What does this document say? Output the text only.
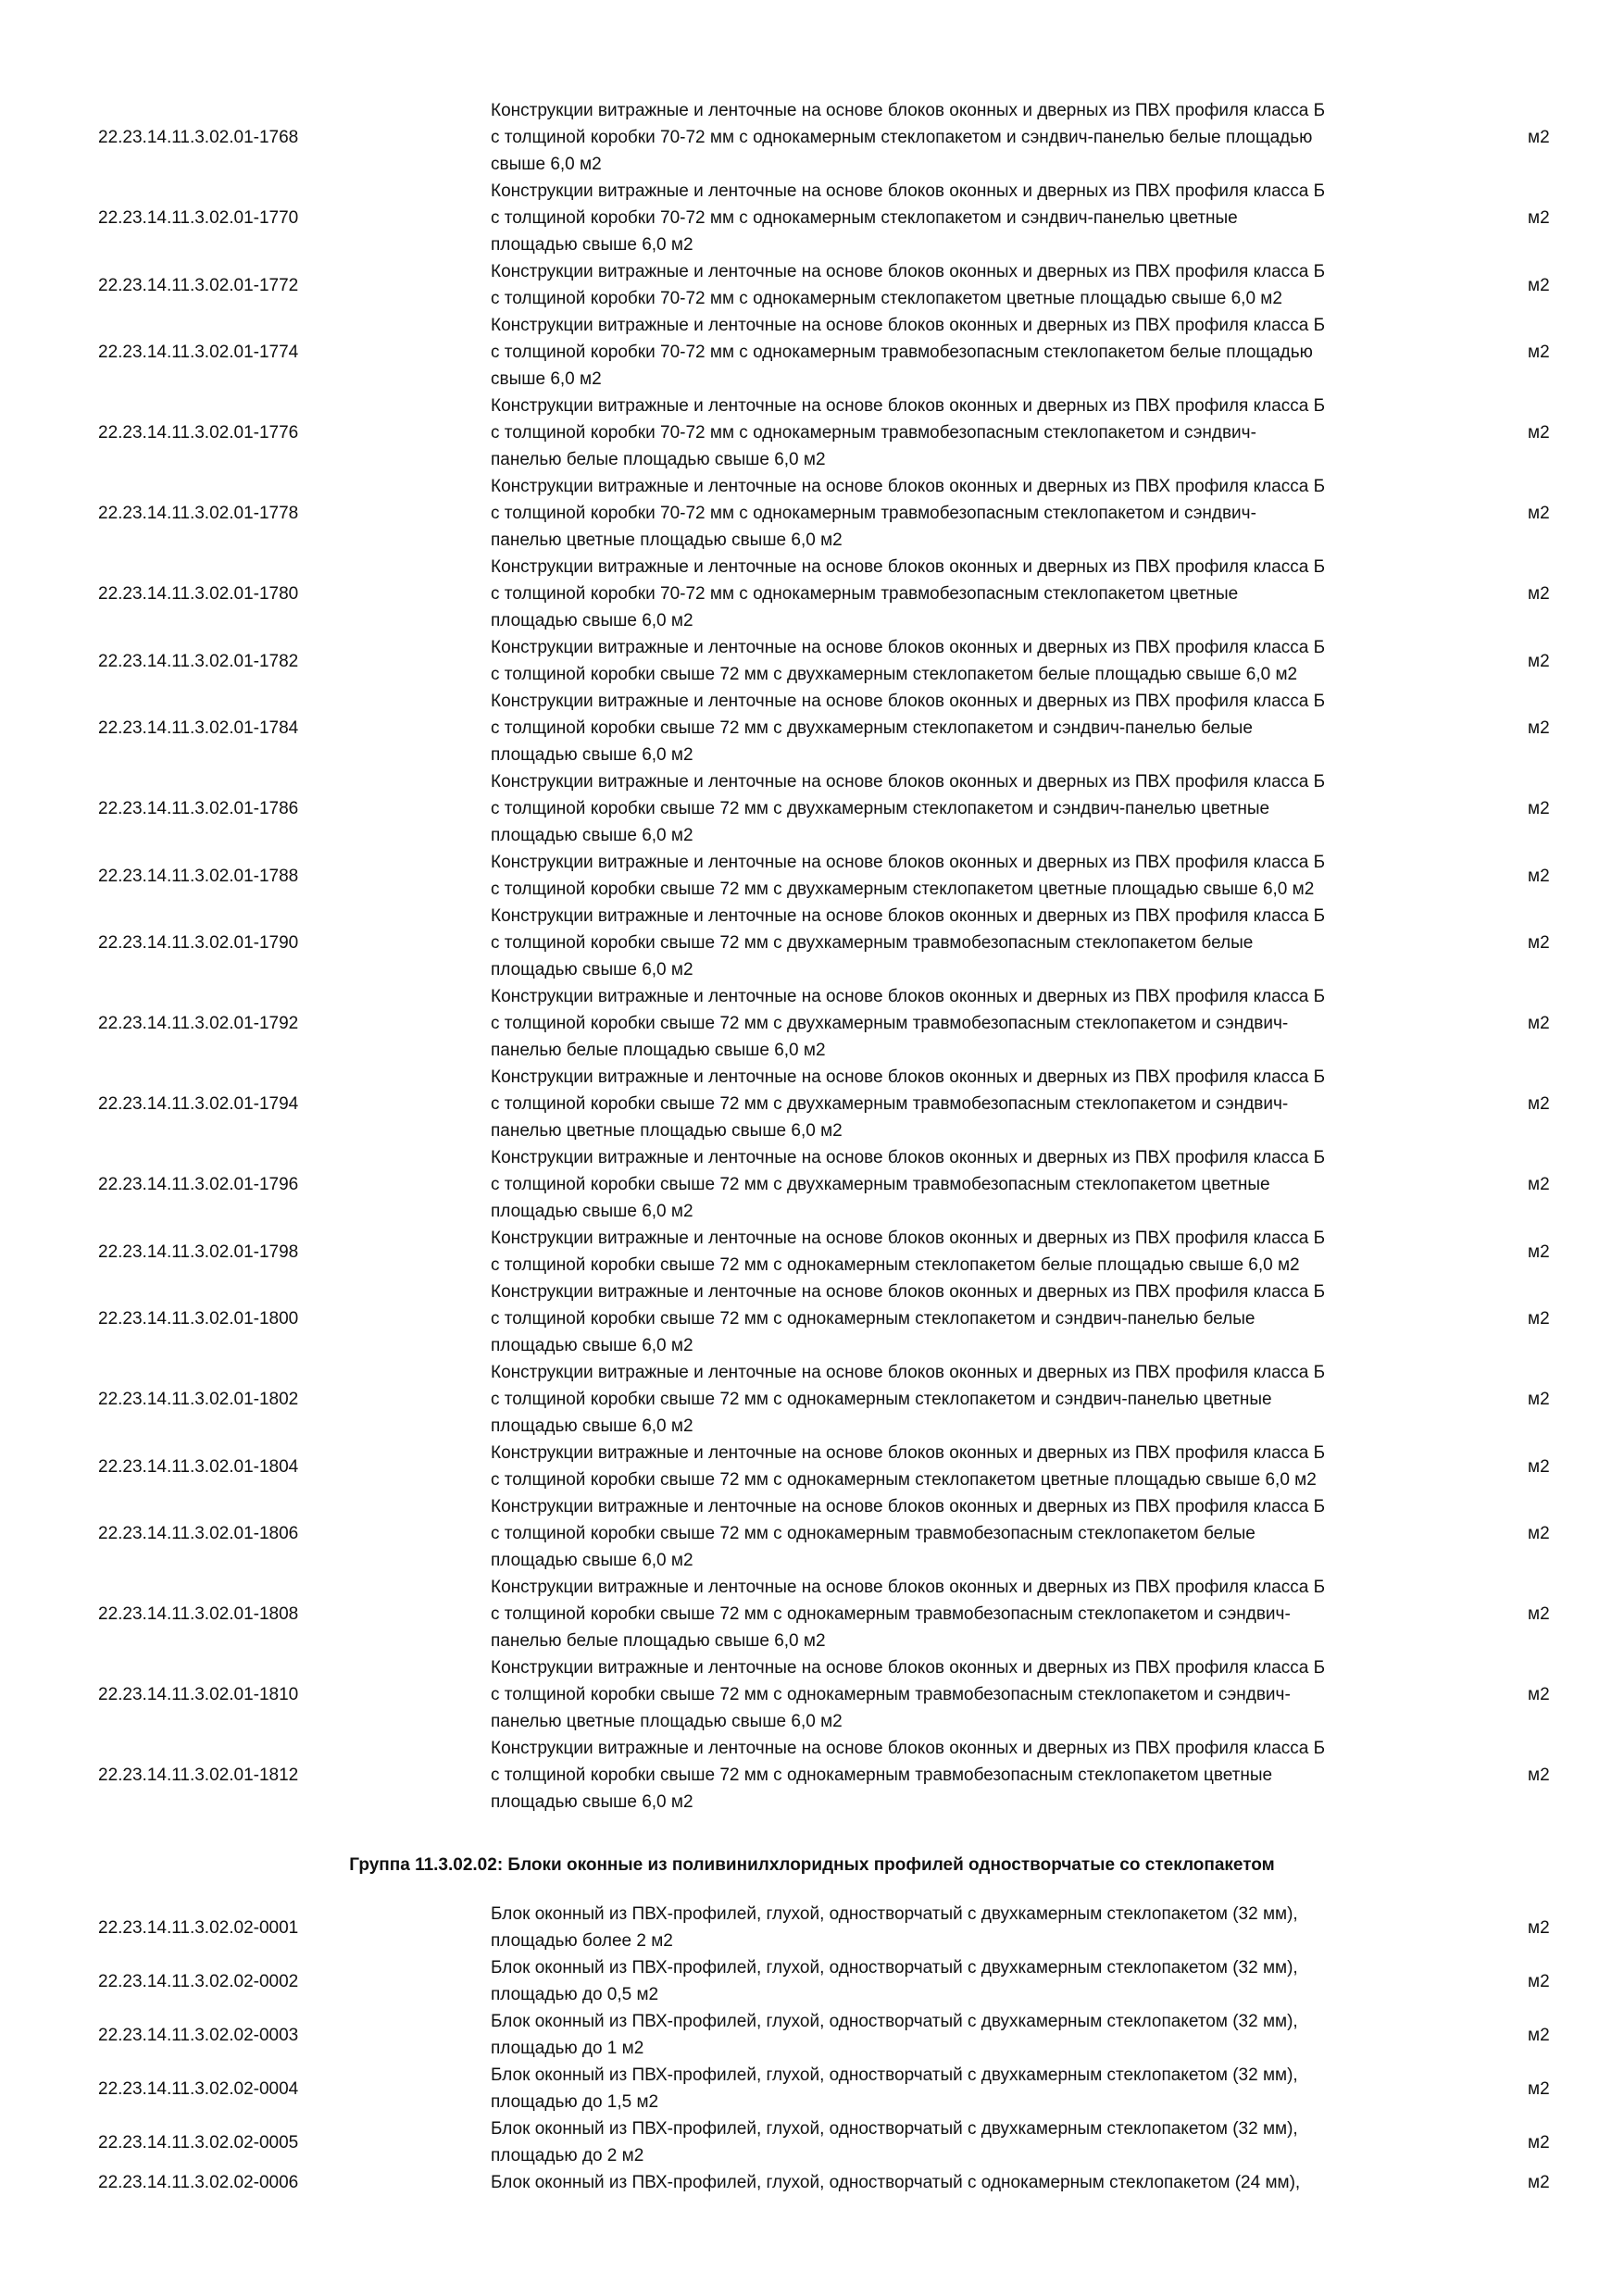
22.23.14.11.3.02.01-1768
Конструкции витражные и ленточные на основе блоков оконных и дверных из ПВХ профиля класса Б
с толщиной коробки 70-72 мм с однокамерным стеклопакетом и сэндвич-панелью белые площадью
свыше 6,0 м2
м2
22.23.14.11.3.02.01-1770
Конструкции витражные и ленточные на основе блоков оконных и дверных из ПВХ профиля класса Б
с толщиной коробки 70-72 мм с однокамерным стеклопакетом и сэндвич-панелью цветные
площадью свыше 6,0 м2
м2
22.23.14.11.3.02.01-1772
Конструкции витражные и ленточные на основе блоков оконных и дверных из ПВХ профиля класса Б
с толщиной коробки 70-72 мм с однокамерным стеклопакетом цветные площадью свыше 6,0 м2
м2
22.23.14.11.3.02.01-1774
Конструкции витражные и ленточные на основе блоков оконных и дверных из ПВХ профиля класса Б
с толщиной коробки 70-72 мм с однокамерным травмобезопасным стеклопакетом белые площадью
свыше 6,0 м2
м2
22.23.14.11.3.02.01-1776
Конструкции витражные и ленточные на основе блоков оконных и дверных из ПВХ профиля класса Б
с толщиной коробки 70-72 мм с однокамерным травмобезопасным стеклопакетом и сэндвич-
панелью белые площадью свыше 6,0 м2
м2
22.23.14.11.3.02.01-1778
Конструкции витражные и ленточные на основе блоков оконных и дверных из ПВХ профиля класса Б
с толщиной коробки 70-72 мм с однокамерным травмобезопасным стеклопакетом и сэндвич-
панелью цветные площадью свыше 6,0 м2
м2
22.23.14.11.3.02.01-1780
Конструкции витражные и ленточные на основе блоков оконных и дверных из ПВХ профиля класса Б
с толщиной коробки 70-72 мм с однокамерным травмобезопасным стеклопакетом цветные
площадью свыше 6,0 м2
м2
22.23.14.11.3.02.01-1782
Конструкции витражные и ленточные на основе блоков оконных и дверных из ПВХ профиля класса Б
с толщиной коробки свыше 72 мм с двухкамерным стеклопакетом белые площадью свыше 6,0 м2
м2
22.23.14.11.3.02.01-1784
Конструкции витражные и ленточные на основе блоков оконных и дверных из ПВХ профиля класса Б
с толщиной коробки свыше 72 мм с двухкамерным стеклопакетом и сэндвич-панелью белые
площадью свыше 6,0 м2
м2
22.23.14.11.3.02.01-1786
Конструкции витражные и ленточные на основе блоков оконных и дверных из ПВХ профиля класса Б
с толщиной коробки свыше 72 мм с двухкамерным стеклопакетом и сэндвич-панелью цветные
площадью свыше 6,0 м2
м2
22.23.14.11.3.02.01-1788
Конструкции витражные и ленточные на основе блоков оконных и дверных из ПВХ профиля класса Б
с толщиной коробки свыше 72 мм с двухкамерным стеклопакетом цветные площадью свыше 6,0 м2
м2
22.23.14.11.3.02.01-1790
Конструкции витражные и ленточные на основе блоков оконных и дверных из ПВХ профиля класса Б
с толщиной коробки свыше 72 мм с двухкамерным травмобезопасным стеклопакетом белые
площадью свыше 6,0 м2
м2
22.23.14.11.3.02.01-1792
Конструкции витражные и ленточные на основе блоков оконных и дверных из ПВХ профиля класса Б
с толщиной коробки свыше 72 мм с двухкамерным травмобезопасным стеклопакетом и сэндвич-
панелью белые площадью свыше 6,0 м2
м2
22.23.14.11.3.02.01-1794
Конструкции витражные и ленточные на основе блоков оконных и дверных из ПВХ профиля класса Б
с толщиной коробки свыше 72 мм с двухкамерным травмобезопасным стеклопакетом и сэндвич-
панелью цветные площадью свыше 6,0 м2
м2
22.23.14.11.3.02.01-1796
Конструкции витражные и ленточные на основе блоков оконных и дверных из ПВХ профиля класса Б
с толщиной коробки свыше 72 мм с двухкамерным травмобезопасным стеклопакетом цветные
площадью свыше 6,0 м2
м2
22.23.14.11.3.02.01-1798
Конструкции витражные и ленточные на основе блоков оконных и дверных из ПВХ профиля класса Б
с толщиной коробки свыше 72 мм с однокамерным стеклопакетом белые площадью свыше 6,0 м2
м2
22.23.14.11.3.02.01-1800
Конструкции витражные и ленточные на основе блоков оконных и дверных из ПВХ профиля класса Б
с толщиной коробки свыше 72 мм с однокамерным стеклопакетом и сэндвич-панелью белые
площадью свыше 6,0 м2
м2
22.23.14.11.3.02.01-1802
Конструкции витражные и ленточные на основе блоков оконных и дверных из ПВХ профиля класса Б
с толщиной коробки свыше 72 мм с однокамерным стеклопакетом и сэндвич-панелью цветные
площадью свыше 6,0 м2
м2
22.23.14.11.3.02.01-1804
Конструкции витражные и ленточные на основе блоков оконных и дверных из ПВХ профиля класса Б
с толщиной коробки свыше 72 мм с однокамерным стеклопакетом цветные площадью свыше 6,0 м2
м2
22.23.14.11.3.02.01-1806
Конструкции витражные и ленточные на основе блоков оконных и дверных из ПВХ профиля класса Б
с толщиной коробки свыше 72 мм с однокамерным травмобезопасным стеклопакетом белые
площадью свыше 6,0 м2
м2
22.23.14.11.3.02.01-1808
Конструкции витражные и ленточные на основе блоков оконных и дверных из ПВХ профиля класса Б
с толщиной коробки свыше 72 мм с однокамерным травмобезопасным стеклопакетом и сэндвич-
панелью белые площадью свыше 6,0 м2
м2
22.23.14.11.3.02.01-1810
Конструкции витражные и ленточные на основе блоков оконных и дверных из ПВХ профиля класса Б
с толщиной коробки свыше 72 мм с однокамерным травмобезопасным стеклопакетом и сэндвич-
панелью цветные площадью свыше 6,0 м2
м2
22.23.14.11.3.02.01-1812
Конструкции витражные и ленточные на основе блоков оконных и дверных из ПВХ профиля класса Б
с толщиной коробки свыше 72 мм с однокамерным травмобезопасным стеклопакетом цветные
площадью свыше 6,0 м2
м2
Группа 11.3.02.02: Блоки оконные из поливинилхлоридных профилей одностворчатые со стеклопакетом
22.23.14.11.3.02.02-0001
Блок оконный из ПВХ-профилей, глухой, одностворчатый с двухкамерным стеклопакетом (32 мм),
площадью более 2 м2
м2
22.23.14.11.3.02.02-0002
Блок оконный из ПВХ-профилей, глухой, одностворчатый с двухкамерным стеклопакетом (32 мм),
площадью до 0,5 м2
м2
22.23.14.11.3.02.02-0003
Блок оконный из ПВХ-профилей, глухой, одностворчатый с двухкамерным стеклопакетом (32 мм),
площадью до 1 м2
м2
22.23.14.11.3.02.02-0004
Блок оконный из ПВХ-профилей, глухой, одностворчатый с двухкамерным стеклопакетом (32 мм),
площадью до 1,5 м2
м2
22.23.14.11.3.02.02-0005
Блок оконный из ПВХ-профилей, глухой, одностворчатый с двухкамерным стеклопакетом (32 мм),
площадью до 2 м2
м2
22.23.14.11.3.02.02-0006	Блок оконный из ПВХ-профилей, глухой, одностворчатый с однокамерным стеклопакетом (24 мм),	м2
